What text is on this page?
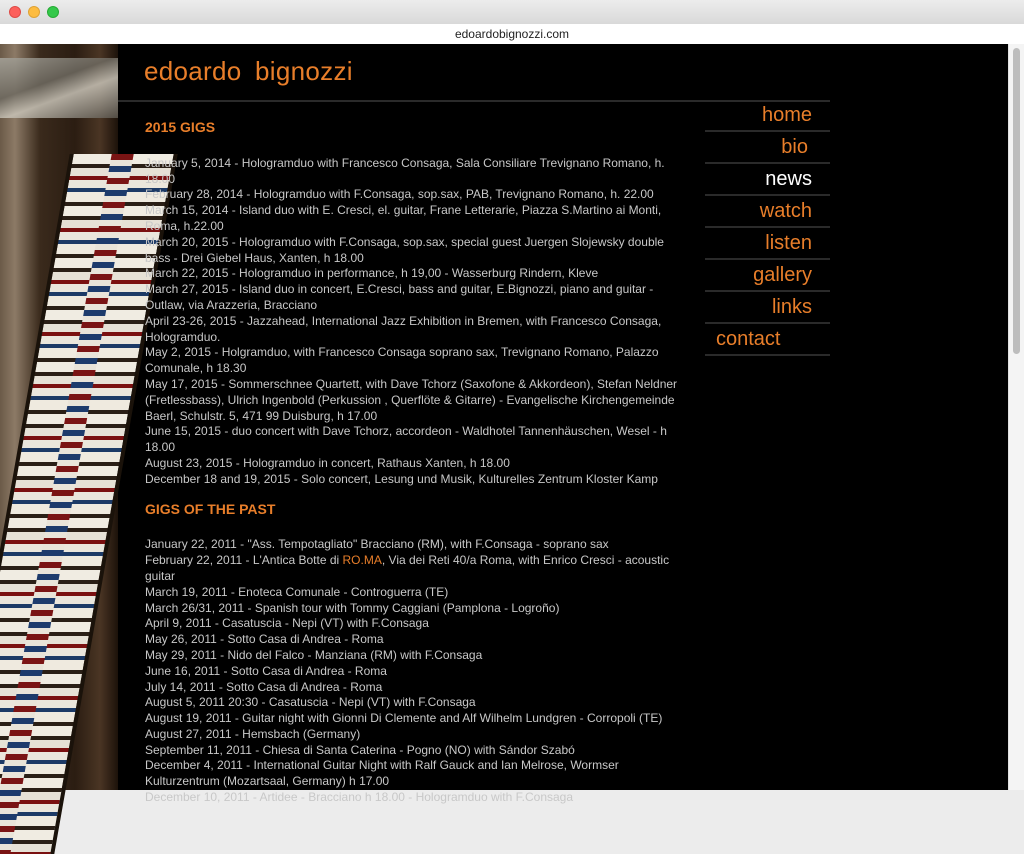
edoardobignozzi.com
edoardo bignozzi
2015 GIGS

January 5, 2014 - Hologramduo with Francesco Consaga, Sala Consiliare Trevignano Romano, h. 18.00

February 28, 2014 - Hologramduo with F.Consaga, sop.sax, PAB, Trevignano Romano, h. 22.00

March 15, 2014 - Island duo with E. Cresci, el. guitar, Frane Letterarie, Piazza S.Martino ai Monti, Roma, h.22.00

March 20, 2015 - Hologramduo with F.Consaga, sop.sax, special guest Juergen Slojewsky double bass - Drei Giebel Haus, Xanten, h 18.00

March 22, 2015 - Hologramduo in performance, h 19,00 - Wasserburg Rindern, Kleve

March 27, 2015 - Island duo in concert, E.Cresci, bass and guitar, E.Bignozzi, piano and guitar - Outlaw, via Arazzeria, Bracciano

April 23-26, 2015 - Jazzahead, International Jazz Exhibition in Bremen, with Francesco Consaga, Hologramduo.

May 2, 2015 - Holgramduo, with Francesco Consaga soprano sax, Trevignano Romano, Palazzo Comunale, h 18.30

May 17, 2015 - Sommerschnee Quartett, with Dave Tchorz (Saxofone & Akkordeon), Stefan Neldner (Fretlessbass), Ulrich Ingenbold (Perkussion , Querflöte & Gitarre) - Evangelische Kirchengemeinde Baerl, Schulstr. 5, 471 99 Duisburg, h 17.00

June 15, 2015 - duo concert with Dave Tchorz, accordeon - Waldhotel Tannenhäuschen, Wesel - h 18.00

August 23, 2015 - Hologramduo in concert, Rathaus Xanten, h 18.00

December 18 and 19, 2015 - Solo concert, Lesung und Musik, Kulturelles Zentrum Kloster Kamp

GIGS OF THE PAST

January 22, 2011 - "Ass. Tempotagliato" Bracciano (RM), with F.Consaga - soprano sax

February 22, 2011 - L'Antica Botte di RO.MA, Via dei Reti 40/a Roma, with Enrico Cresci - acoustic guitar

March 19, 2011 - Enoteca Comunale - Controguerra (TE)

March 26/31, 2011 - Spanish tour with Tommy Caggiani (Pamplona - Logroño)

April 9, 2011 - Casatuscia - Nepi (VT) with F.Consaga

May 26, 2011 - Sotto Casa di Andrea - Roma

May 29, 2011 - Nido del Falco - Manziana (RM) with F.Consaga

June 16, 2011 - Sotto Casa di Andrea - Roma

July 14, 2011 - Sotto Casa di Andrea - Roma

August 5, 2011 20:30 - Casatuscia - Nepi (VT) with F.Consaga

August 19, 2011 - Guitar night with Gionni Di Clemente and Alf Wilhelm Lundgren - Corropoli (TE)

August 27, 2011 - Hemsbach (Germany)

September 11, 2011 - Chiesa di Santa Caterina - Pogno (NO) with Sándor Szabó

December 4, 2011 - International Guitar Night with Ralf Gauck and Ian Melrose, Wormser Kulturzentrum (Mozartsaal, Germany) h 17.00

December 10, 2011 - Artidee - Bracciano h 18.00 - Hologramduo with F.Consaga

home
bio
news
watch
listen
gallery
links
contact
